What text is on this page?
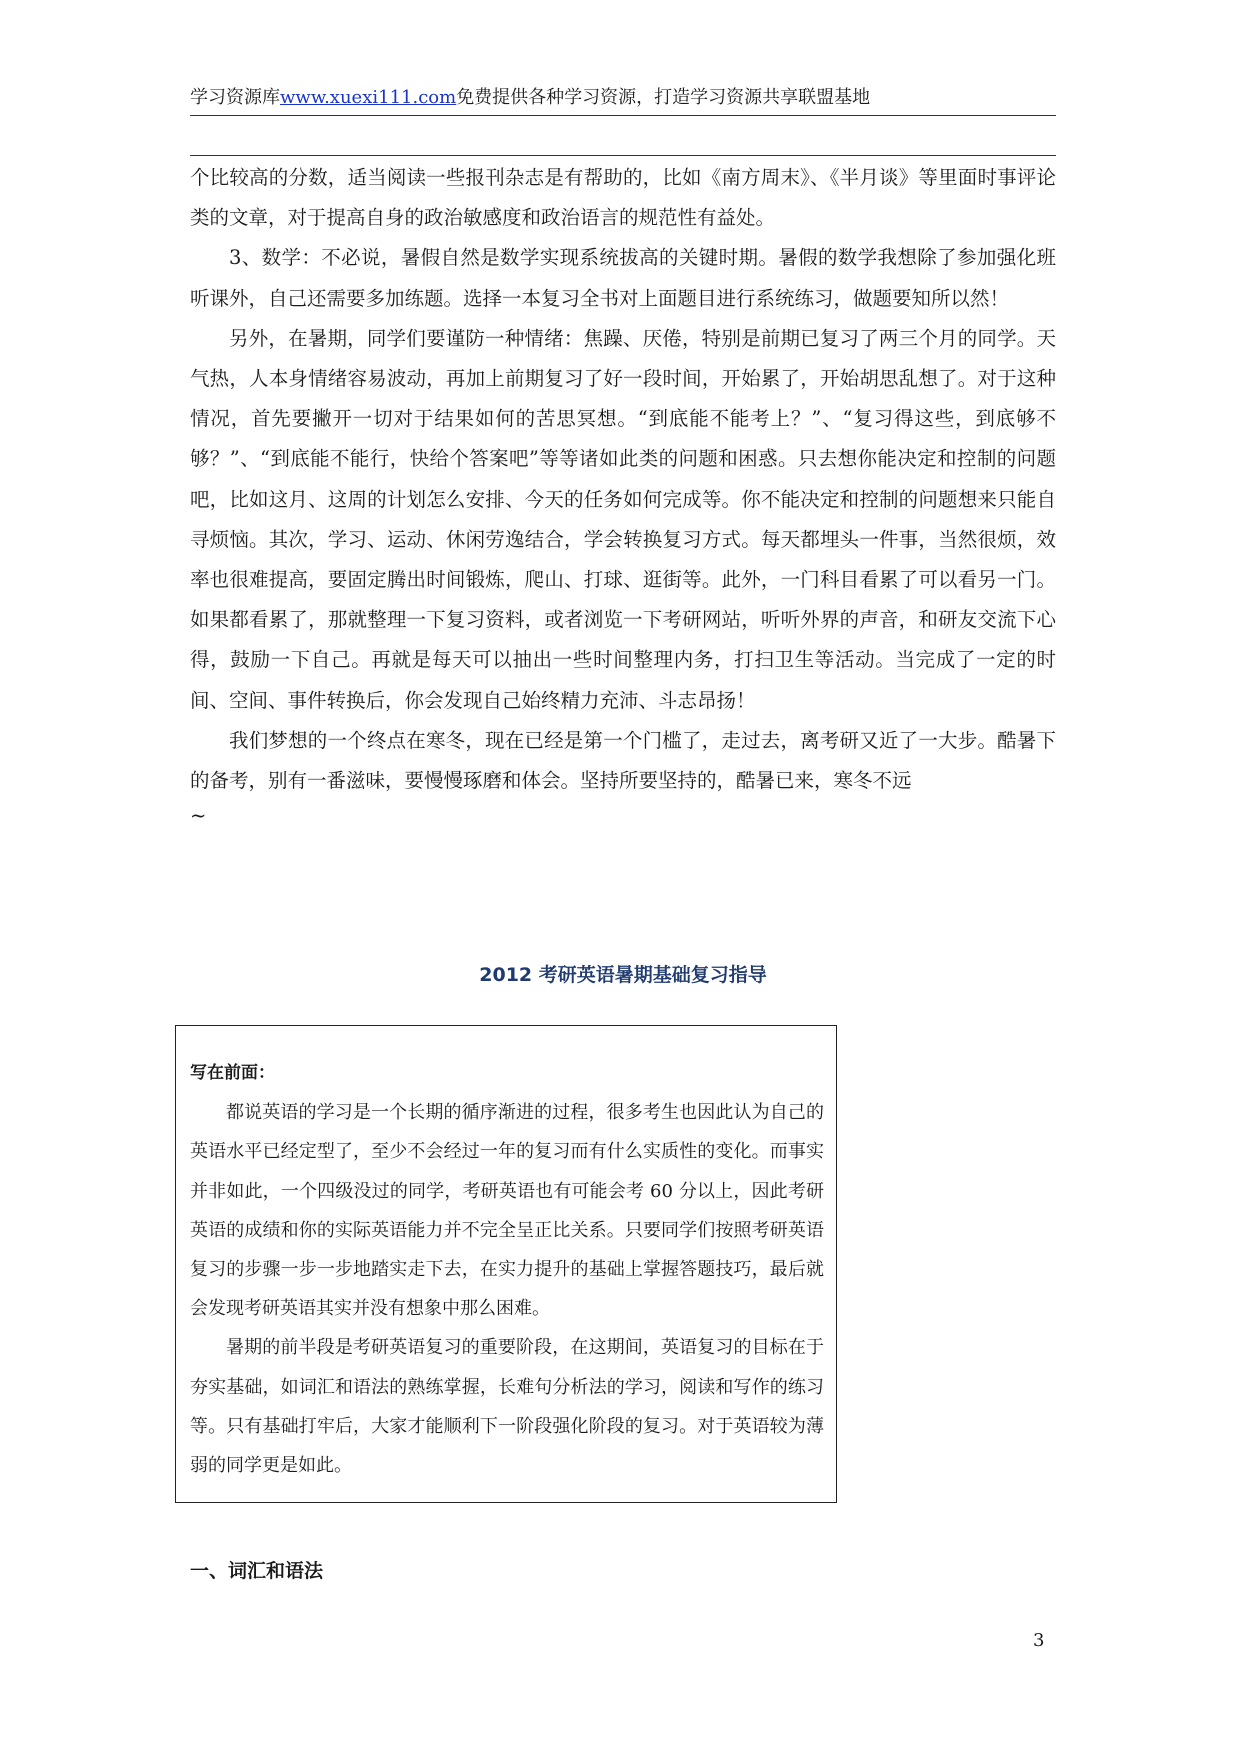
学习资源库www.xuexi111.com免费提供各种学习资源，打造学习资源共享联盟基地

个比较高的分数，适当阅读一些报刊杂志是有帮助的，比如《南方周末》、《半月谈》等里面时事评论类的文章，对于提高自身的政治敏感度和政治语言的规范性有益处。

3、数学：不必说，暑假自然是数学实现系统拔高的关键时期。暑假的数学我想除了参加强化班听课外，自己还需要多加练题。选择一本复习全书对上面题目进行系统练习，做题要知所以然！

另外，在暑期，同学们要谨防一种情绪：焦躁、厌倦，特别是前期已复习了两三个月的同学。天气热，人本身情绪容易波动，再加上前期复习了好一段时间，开始累了，开始胡思乱想了。对于这种情况，首先要撇开一切对于结果如何的苦思冥想。“到底能不能考上？”、“复习得这些，到底够不够？”、“到底能不能行，快给个答案吧”等等诸如此类的问题和困惑。只去想你能决定和控制的问题吧，比如这月、这周的计划怎么安排、今天的任务如何完成等。你不能决定和控制的问题想来只能自寻烦恼。其次，学习、运动、休闲劳逸结合，学会转换复习方式。每天都埋头一件事，当然很烦，效率也很难提高，要固定腾出时间锻炼，爬山、打球、逛街等。此外，一门科目看累了可以看另一门。如果都看累了，那就整理一下复习资料，或者浏览一下考研网站，听听外界的声音，和研友交流下心得，鼓励一下自己。再就是每天可以抽出一些时间整理内务，打扫卫生等活动。当完成了一定的时间、空间、事件转换后，你会发现自己始终精力充沛、斗志昂扬！

我们梦想的一个终点在寒冬，现在已经是第一个门槛了，走过去，离考研又近了一大步。酷暑下的备考，别有一番滋味，要慢慢琢磨和体会。坚持所要坚持的，酷暑已来，寒冬不远

~

2012 考研英语暑期基础复习指导

写在前面：

都说英语的学习是一个长期的循序渐进的过程，很多考生也因此认为自己的英语水平已经定型了，至少不会经过一年的复习而有什么实质性的变化。而事实并非如此，一个四级没过的同学，考研英语也有可能会考 60 分以上，因此考研英语的成绩和你的实际英语能力并不完全呈正比关系。只要同学们按照考研英语复习的步骤一步一步地踏实走下去，在实力提升的基础上掌握答题技巧，最后就会发现考研英语其实并没有想象中那么困难。

暑期的前半段是考研英语复习的重要阶段，在这期间，英语复习的目标在于夯实基础，如词汇和语法的熟练掌握，长难句分析法的学习，阅读和写作的练习等。只有基础打牢后，大家才能顺利下一阶段强化阶段的复习。对于英语较为薄弱的同学更是如此。

一、词汇和语法
3
